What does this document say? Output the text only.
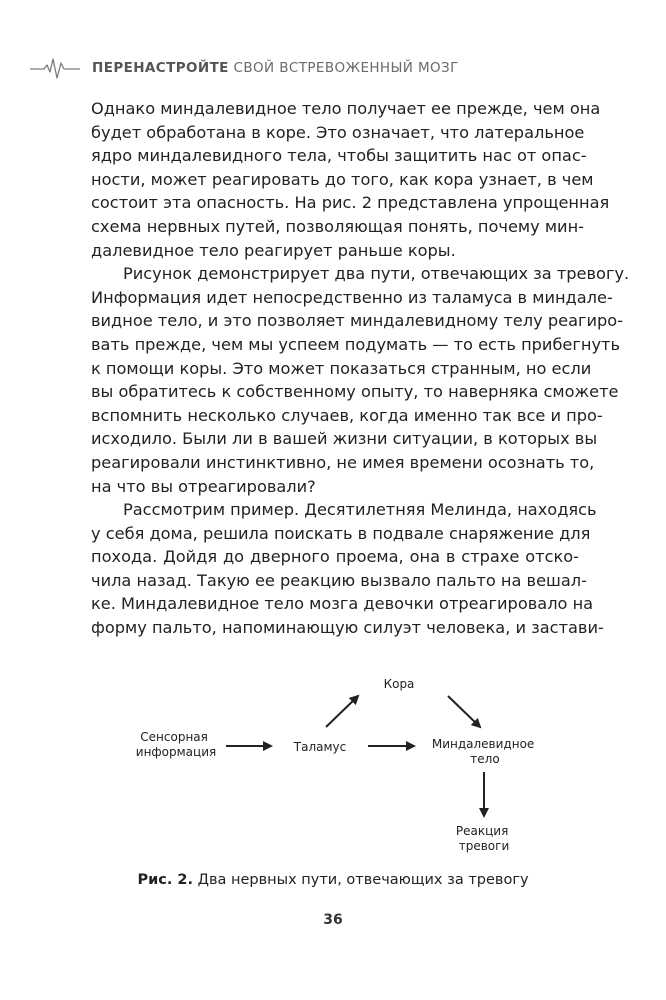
ПЕРЕНАСТРОЙТЕ СВОЙ ВСТРЕВОЖЕННЫЙ МОЗГ

Однако миндалевидное тело получает ее прежде, чем она
будет обработана в коре. Это означает, что латеральное
ядро миндалевидного тела, чтобы защитить нас от опас-
ности, может реагировать до того, как кора узнает, в чем
состоит эта опасность. На рис. 2 представлена упрощенная
схема нервных путей, позволяющая понять, почему мин-
далевидное тело реагирует раньше коры.

Рисунок демонстрирует два пути, отвечающих за тревогу.
Информация идет непосредственно из таламуса в миндале-
видное тело, и это позволяет миндалевидному телу реагиро-
вать прежде, чем мы успеем подумать — то есть прибегнуть
к помощи коры. Это может показаться странным, но если
вы обратитесь к собственному опыту, то наверняка сможете
вспомнить несколько случаев, когда именно так все и про-
исходило. Были ли в вашей жизни ситуации, в которых вы
реагировали инстинктивно, не имея времени осознать то,
на что вы отреагировали?

Рассмотрим пример. Десятилетняя Мелинда, находясь
у себя дома, решила поискать в подвале снаряжение для
похода. Дойдя до дверного проема, она в страхе отско-
чила назад. Такую ее реакцию вызвало пальто на вешал-
ке. Миндалевидное тело мозга девочки отреагировало на
форму пальто, напоминающую силуэт человека, и застави-

Кора
Сенсорная информация	Таламус	Миндалевидное тело
Реакция тревоги
Рис. 2. Два нервных пути, отвечающих за тревогу
36
